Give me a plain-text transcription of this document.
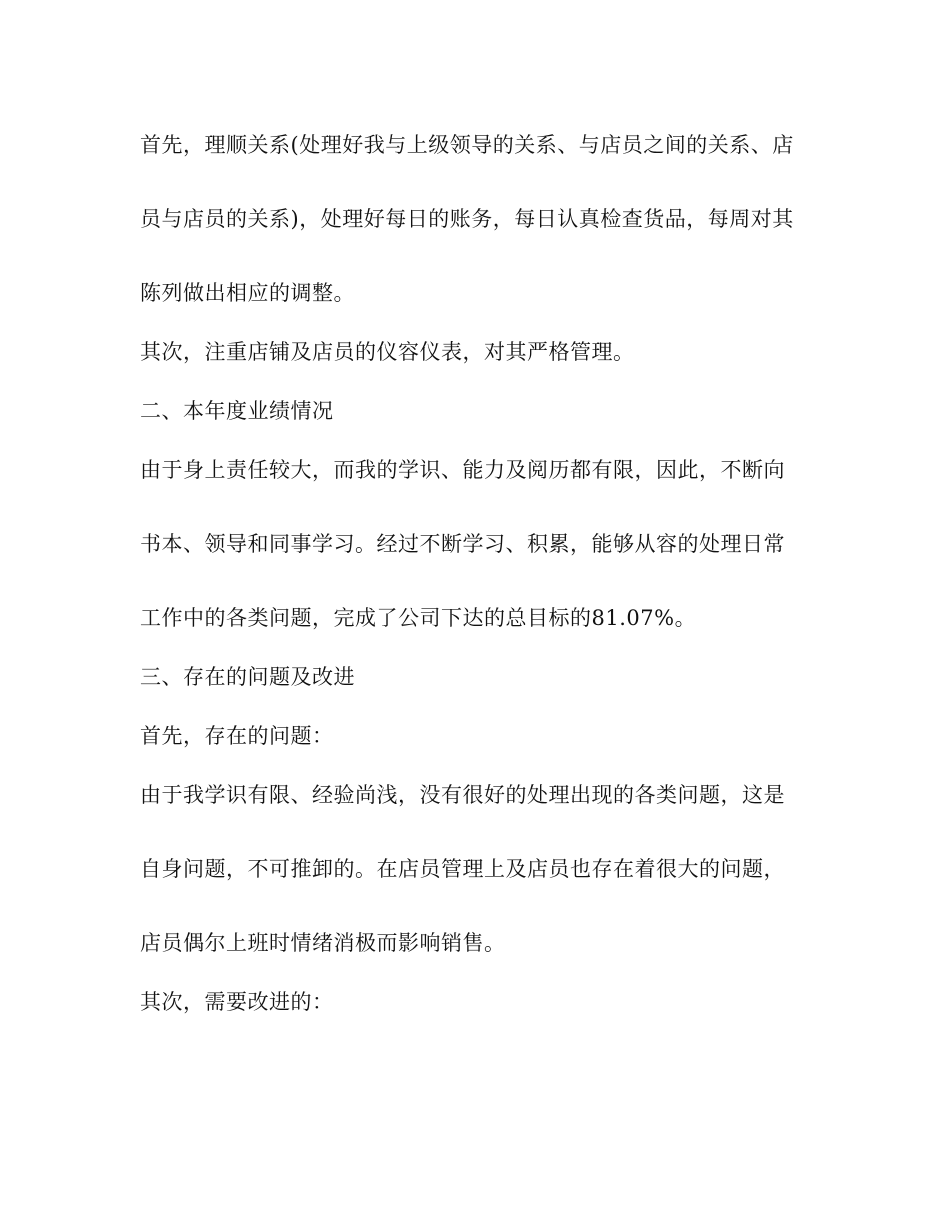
首先，理顺关系(处理好我与上级领导的关系、与店员之间的关系、店
员与店员的关系)，处理好每日的账务，每日认真检查货品，每周对其
陈列做出相应的调整。
其次，注重店铺及店员的仪容仪表，对其严格管理。
二、本年度业绩情况
由于身上责任较大，而我的学识、能力及阅历都有限，因此，不断向
书本、领导和同事学习。经过不断学习、积累，能够从容的处理日常
工作中的各类问题，完成了公司下达的总目标的81.07%。
三、存在的问题及改进
首先，存在的问题：
由于我学识有限、经验尚浅，没有很好的处理出现的各类问题，这是
自身问题，不可推卸的。在店员管理上及店员也存在着很大的问题，
店员偶尔上班时情绪消极而影响销售。
其次，需要改进的：
